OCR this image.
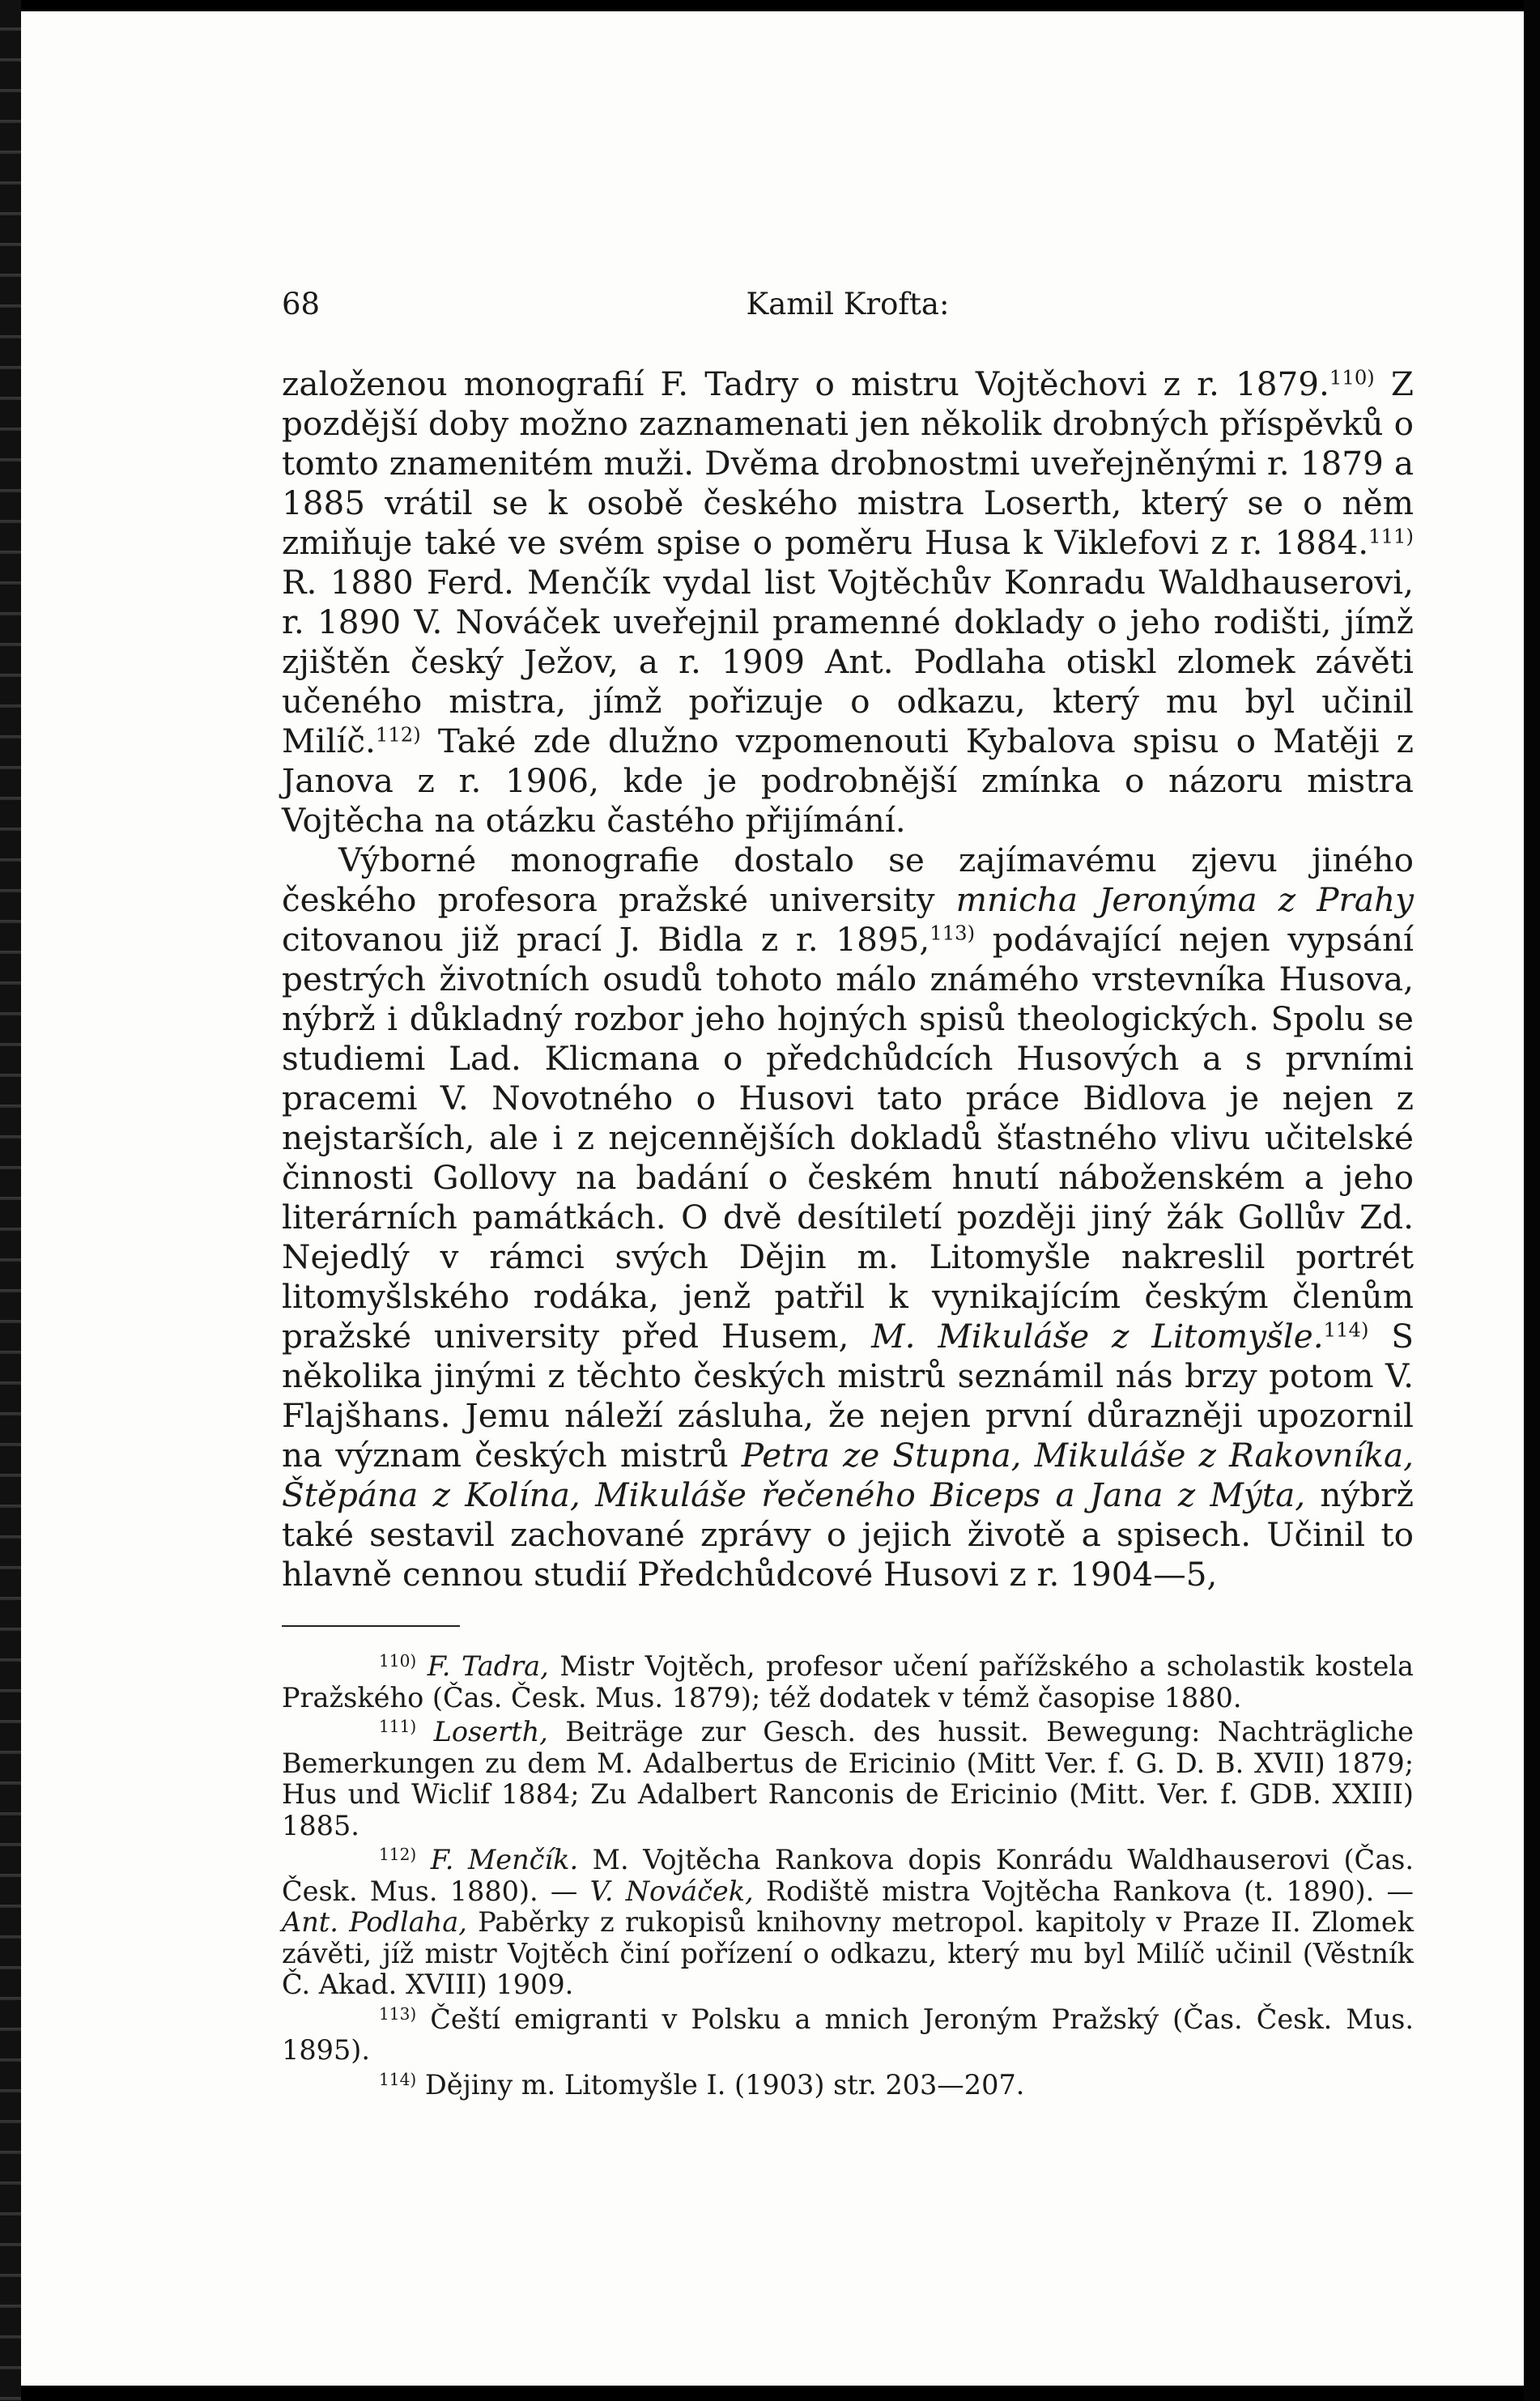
68	Kamil Krofta:

založenou monografií F. Tadry o mistru Vojtěchovi z r. 1879.$^{110)}$ Z pozdější doby možno zaznamenati jen několik drobných příspěvků o tomto znamenitém muži. Dvěma drobnostmi uveřejněnými r. 1879 a 1885 vrátil se k osobě českého mistra Loserth, který se o něm zmiňuje také ve svém spise o poměru Husa k Viklefovi z r. 1884.$^{111)}$ R. 1880 Ferd. Menčík vydal list Vojtěchův Konradu Waldhauserovi, r. 1890 V. Nováček uveřejnil pramenné doklady o jeho rodišti, jímž zjištěn český Ježov, a r. 1909 Ant. Podlaha otiskl zlomek závěti učeného mistra, jímž pořizuje o odkazu, který mu byl učinil Milíč.$^{112)}$ Také zde dlužno vzpomenouti Kybalova spisu o Matěji z Janova z r. 1906, kde je podrobnější zmínka o názoru mistra Vojtěcha na otázku častého přijímání.

Výborné monografie dostalo se zajímavému zjevu jiného českého profesora pražské university mnicha Jeronýma z Prahy citovanou již prací J. Bidla z r. 1895,$^{113)}$ podávající nejen vypsání pestrých životních osudů tohoto málo známého vrstevníka Husova, nýbrž i důkladný rozbor jeho hojných spisů theologických. Spolu se studiemi Lad. Klicmana o předchůdcích Husových a s prvními pracemi V. Novotného o Husovi tato práce Bidlova je nejen z nejstarších, ale i z nejcennějších dokladů šťastného vlivu učitelské činnosti Gollovy na badání o českém hnutí náboženském a jeho literárních památkách. O dvě desítiletí později jiný žák Gollův Zd. Nejedlý v rámci svých Dějin m. Litomyšle nakreslil portrét litomyšlského rodáka, jenž patřil k vynikajícím českým členům pražské university před Husem, M. Mikuláše z Litomyšle.$^{114)}$ S několika jinými z těchto českých mistrů seznámil nás brzy potom V. Flajšhans. Jemu náleží zásluha, že nejen první důrazněji upozornil na význam českých mistrů Petra ze Stupna, Mikuláše z Rakovníka, Štěpána z Kolína, Mikuláše řečeného Biceps a Jana z Mýta, nýbrž také sestavil zachované zprávy o jejich životě a spisech. Učinil to hlavně cennou studií Předchůdcové Husovi z r. 1904—5,

$^{110)}$ F. Tadra, Mistr Vojtěch, profesor učení pařížského a scholastik kostela Pražského (Čas. Česk. Mus. 1879); též dodatek v témž časopise 1880.

$^{111)}$ Loserth, Beiträge zur Gesch. des hussit. Bewegung: Nachträgliche Bemerkungen zu dem M. Adalbertus de Ericinio (Mitt Ver. f. G. D. B. XVII) 1879; Hus und Wiclif 1884; Zu Adalbert Ranconis de Ericinio (Mitt. Ver. f. GDB. XXIII) 1885.

$^{112)}$ F. Menčík. M. Vojtěcha Rankova dopis Konrádu Waldhauserovi (Čas. Česk. Mus. 1880). — V. Nováček, Rodiště mistra Vojtěcha Rankova (t. 1890). — Ant. Podlaha, Paběrky z rukopisů knihovny metropol. kapitoly v Praze II. Zlomek závěti, jíž mistr Vojtěch činí pořízení o odkazu, který mu byl Milíč učinil (Věstník Č. Akad. XVIII) 1909.

$^{113)}$ Čeští emigranti v Polsku a mnich Jeroným Pražský (Čas. Česk. Mus. 1895).

$^{114)}$ Dějiny m. Litomyšle I. (1903) str. 203—207.
